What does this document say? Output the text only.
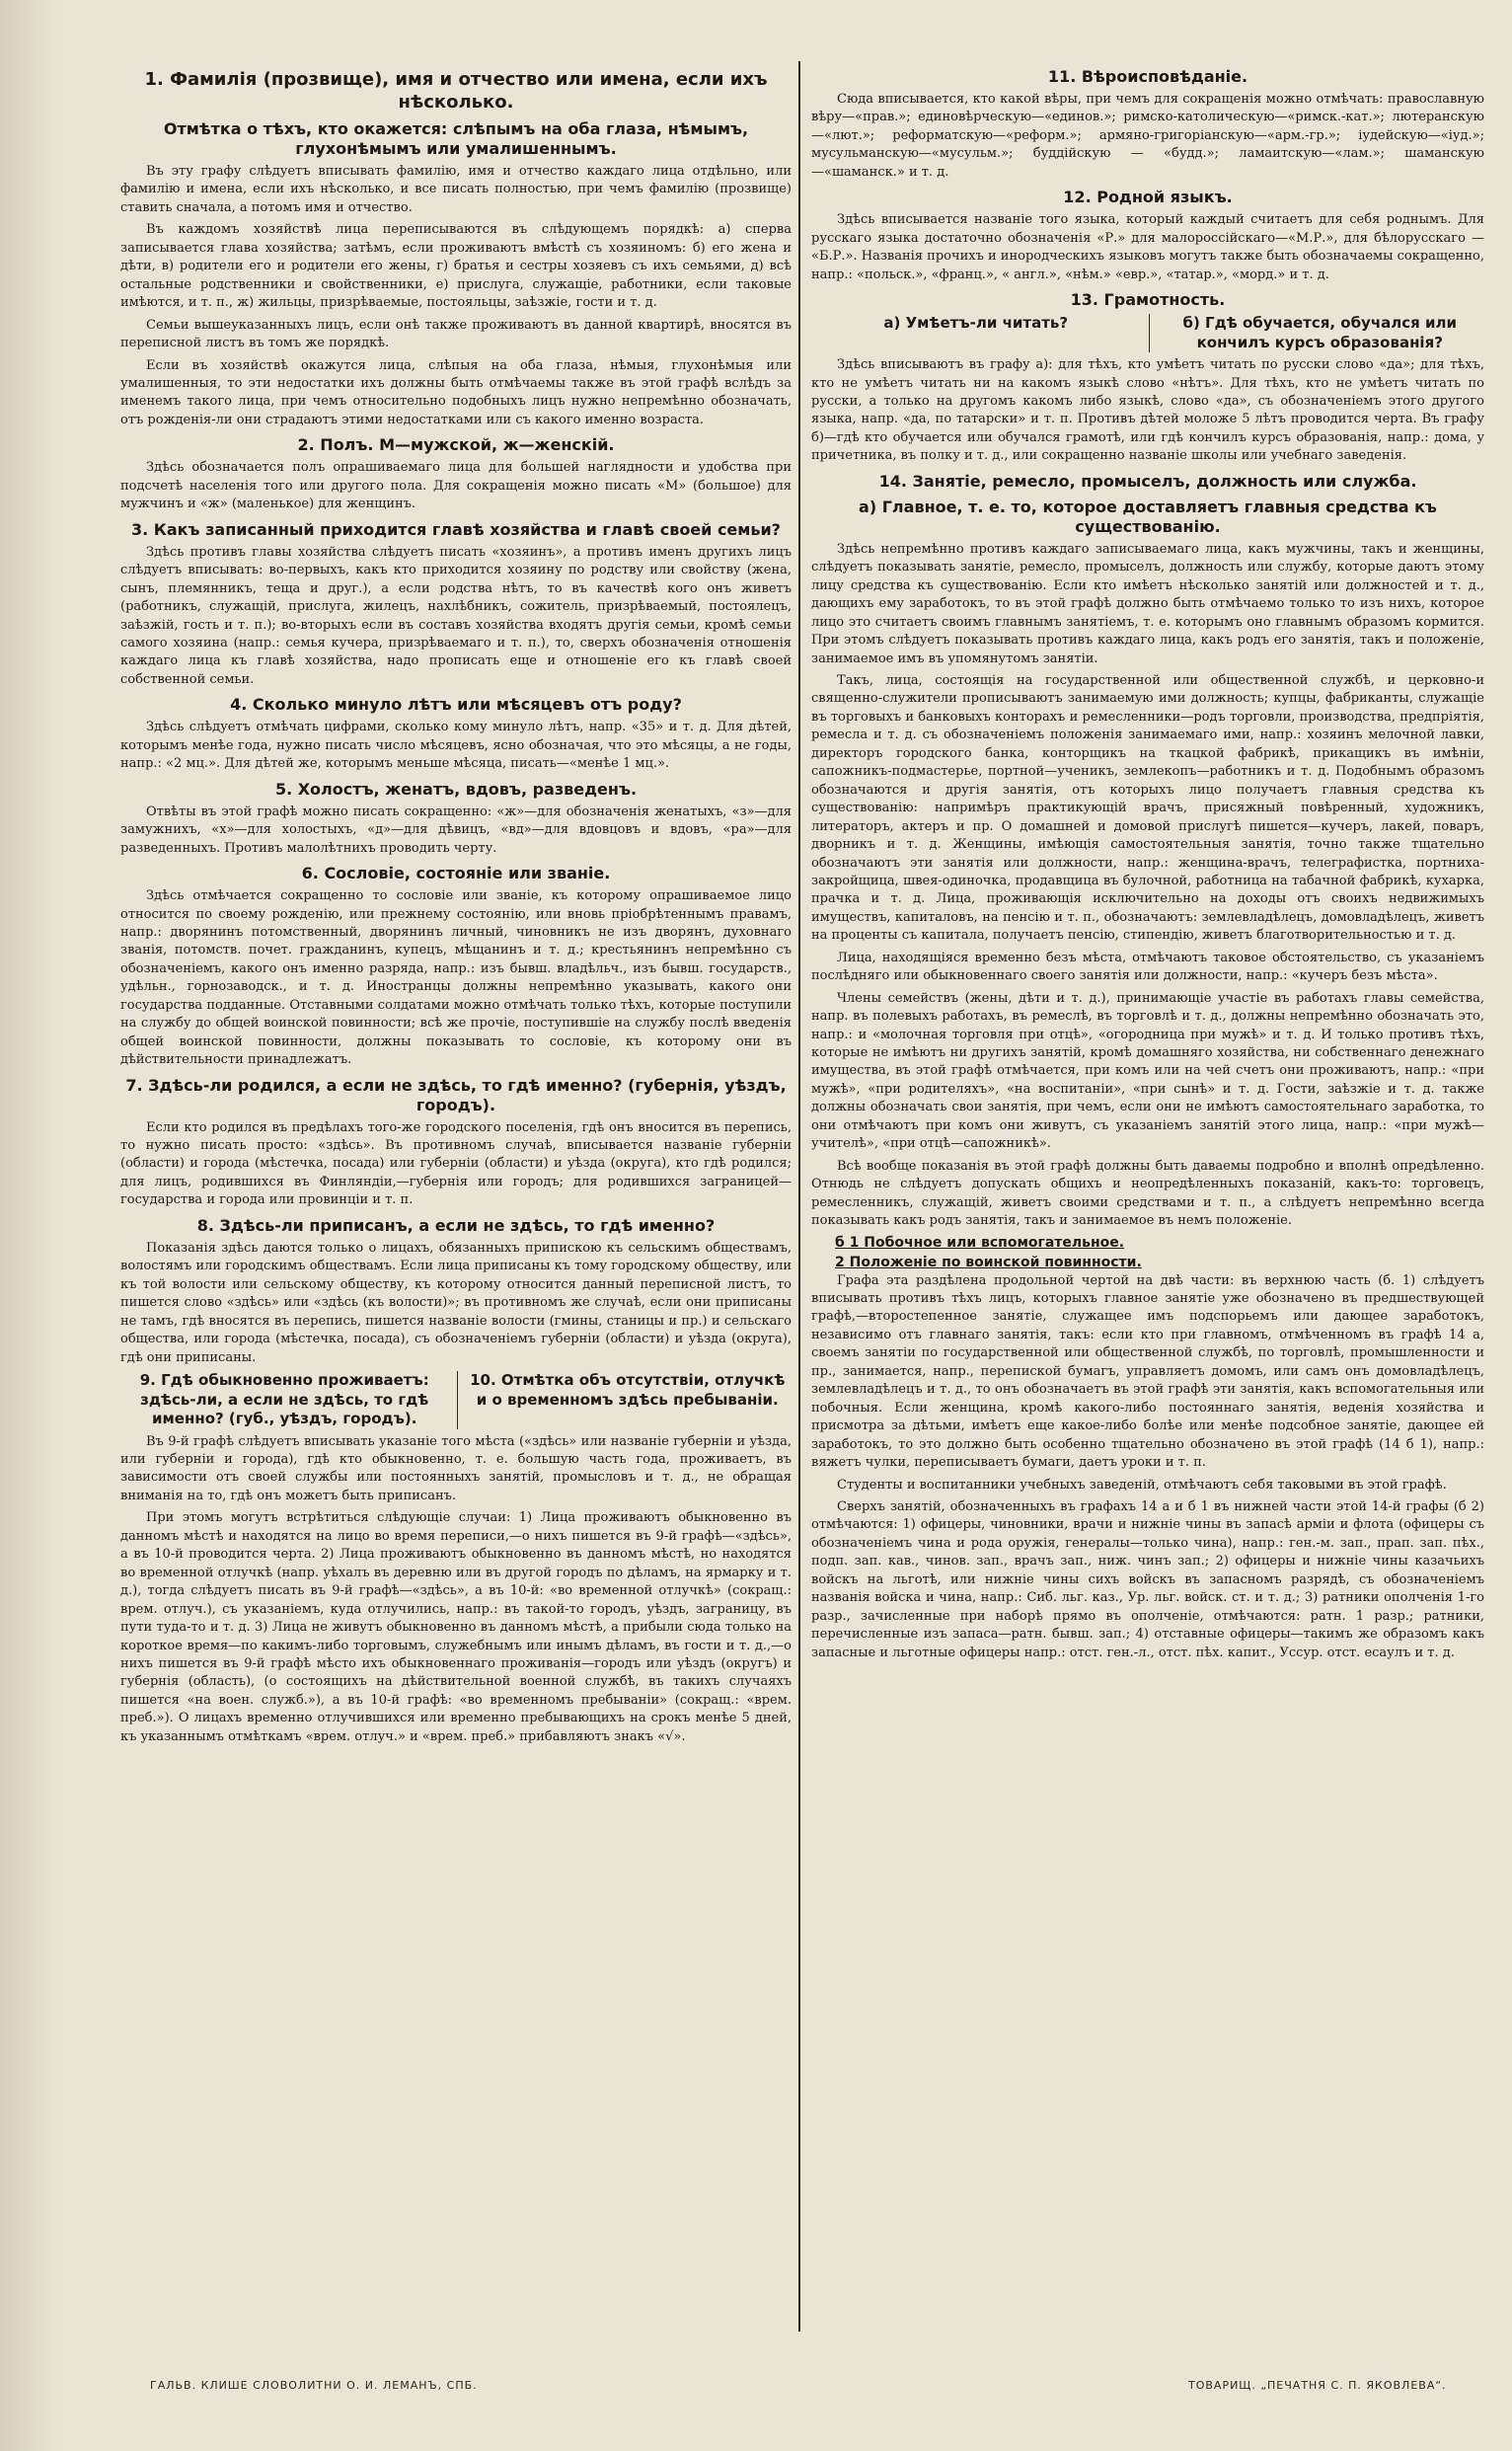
1. Фамилія (прозвище), имя и отчество или имена, если ихъ нѣсколько.
Отмѣтка о тѣхъ, кто окажется: слѣпымъ на оба глаза, нѣмымъ, глухонѣмымъ или умалишеннымъ.

Въ эту графу слѣдуетъ вписывать фамилію, имя и отчество каждаго лица отдѣльно, или фамилію и имена, если ихъ нѣсколько, и все писать полностью, при чемъ фамилію (прозвище) ставить сначала, а потомъ имя и отчество.

Въ каждомъ хозяйствѣ лица переписываются въ слѣдующемъ порядкѣ: а) сперва записывается глава хозяйства; затѣмъ, если проживаютъ вмѣстѣ съ хозяиномъ: б) его жена и дѣти, в) родители его и родители его жены, г) братья и сестры хозяевъ съ ихъ семьями, д) всѣ остальные родственники и свойственники, е) прислуга, служащіе, работники, если таковые имѣются, и т. п., ж) жильцы, призрѣваемые, постояльцы, заѣзжіе, гости и т. д.

Семьи вышеуказанныхъ лицъ, если онѣ также проживаютъ въ данной квартирѣ, вносятся въ переписной листъ въ томъ же порядкѣ.

Если въ хозяйствѣ окажутся лица, слѣпыя на оба глаза, нѣмыя, глухонѣмыя или умалишенныя, то эти недостатки ихъ должны быть отмѣчаемы также въ этой графѣ вслѣдъ за именемъ такого лица, при чемъ относительно подобныхъ лицъ нужно непремѣнно обозначать, отъ рожденія-ли они страдаютъ этими недостатками или съ какого именно возраста.

2. Полъ. М—мужской, ж—женскій.

Здѣсь обозначается полъ опрашиваемаго лица для большей наглядности и удобства при подсчетѣ населенія того или другого пола. Для сокращенія можно писать «М» (большое) для мужчинъ и «ж» (маленькое) для женщинъ.

3. Какъ записанный приходится главѣ хозяйства и главѣ своей семьи?

Здѣсь противъ главы хозяйства слѣдуетъ писать «хозяинъ», а противъ именъ другихъ лицъ слѣдуетъ вписывать: во-первыхъ, какъ кто приходится хозяину по родству или свойству (жена, сынъ, племянникъ, теща и друг.), а если родства нѣтъ, то въ качествѣ кого онъ живетъ (работникъ, служащій, прислуга, жилецъ, нахлѣбникъ, сожитель, призрѣваемый, постоялецъ, заѣзжій, гость и т. п.); во-вторыхъ если въ составъ хозяйства входятъ другія семьи, кромѣ семьи самого хозяина (напр.: семья кучера, призрѣваемаго и т. п.), то, сверхъ обозначенія отношенія каждаго лица къ главѣ хозяйства, надо прописать еще и отношеніе его къ главѣ своей собственной семьи.

4. Сколько минуло лѣтъ или мѣсяцевъ отъ роду?

Здѣсь слѣдуетъ отмѣчать цифрами, сколько кому минуло лѣтъ, напр. «35» и т. д. Для дѣтей, которымъ менѣе года, нужно писать число мѣсяцевъ, ясно обозначая, что это мѣсяцы, а не годы, напр.: «2 мц.». Для дѣтей же, которымъ меньше мѣсяца, писать—«менѣе 1 мц.».

5. Холостъ, женатъ, вдовъ, разведенъ.

Отвѣты въ этой графѣ можно писать сокращенно: «ж»—для обозначенія женатыхъ, «з»—для замужнихъ, «х»—для холостыхъ, «д»—для дѣвицъ, «вд»—для вдовцовъ и вдовъ, «ра»—для разведенныхъ. Противъ малолѣтнихъ проводить черту.

6. Сословіе, состояніе или званіе.

Здѣсь отмѣчается сокращенно то сословіе или званіе, къ которому опрашиваемое лицо относится по своему рожденію, или прежнему состоянію, или вновь пріобрѣтеннымъ правамъ, напр.: дворянинъ потомственный, дворянинъ личный, чиновникъ не изъ дворянъ, духовнаго званія, потомств. почет. гражданинъ, купецъ, мѣщанинъ и т. д.; крестьянинъ непремѣнно съ обозначеніемъ, какого онъ именно разряда, напр.: изъ бывш. владѣльч., изъ бывш. государств., удѣльн., горнозаводск., и т. д. Иностранцы должны непремѣнно указывать, какого они государства подданные. Отставными солдатами можно отмѣчать только тѣхъ, которые поступили на службу до общей воинской повинности; всѣ же прочіе, поступившіе на службу послѣ введенія общей воинской повинности, должны показывать то сословіе, къ которому они въ дѣйствительности принадлежатъ.

7. Здѣсь-ли родился, а если не здѣсь, то гдѣ именно? (губернія, уѣздъ, городъ).

Если кто родился въ предѣлахъ того-же городского поселенія, гдѣ онъ вносится въ перепись, то нужно писать просто: «здѣсь». Въ противномъ случаѣ, вписывается названіе губерніи (области) и города (мѣстечка, посада) или губерніи (области) и уѣзда (округа), кто гдѣ родился; для лицъ, родившихся въ Финляндіи,—губернія или городъ; для родившихся заграницей—государства и города или провинціи и т. п.

8. Здѣсь-ли приписанъ, а если не здѣсь, то гдѣ именно?

Показанія здѣсь даются только о лицахъ, обязанныхъ припискою къ сельскимъ обществамъ, волостямъ или городскимъ обществамъ. Если лица приписаны къ тому городскому обществу, или къ той волости или сельскому обществу, къ которому относится данный переписной листъ, то пишется слово «здѣсь» или «здѣсь (къ волости)»; въ противномъ же случаѣ, если они приписаны не тамъ, гдѣ вносятся въ перепись, пишется названіе волости (гмины, станицы и пр.) и сельскаго общества, или города (мѣстечка, посада), съ обозначеніемъ губерніи (области) и уѣзда (округа), гдѣ они приписаны.

9. Гдѣ обыкновенно проживаетъ: здѣсь-ли, а если не здѣсь, то гдѣ именно? (губ., уѣздъ, городъ).
10. Отмѣтка объ отсутствіи, отлучкѣ и о временномъ здѣсь пребываніи.

Въ 9-й графѣ слѣдуетъ вписывать указаніе того мѣста («здѣсь» или названіе губерніи и уѣзда, или губерніи и города), гдѣ кто обыкновенно, т. е. большую часть года, проживаетъ, въ зависимости отъ своей службы или постоянныхъ занятій, промысловъ и т. д., не обращая вниманія на то, гдѣ онъ можетъ быть приписанъ.

При этомъ могутъ встрѣтиться слѣдующіе случаи: 1) Лица проживаютъ обыкновенно въ данномъ мѣстѣ и находятся на лицо во время переписи,—о нихъ пишется въ 9-й графѣ—«здѣсь», а въ 10-й проводится черта. 2) Лица проживаютъ обыкновенно въ данномъ мѣстѣ, но находятся во временной отлучкѣ (напр. уѣхалъ въ деревню или въ другой городъ по дѣламъ, на ярмарку и т. д.), тогда слѣдуетъ писать въ 9-й графѣ—«здѣсь», а въ 10-й: «во временной отлучкѣ» (сокращ.: врем. отлуч.), съ указаніемъ, куда отлучились, напр.: въ такой-то городъ, уѣздъ, заграницу, въ пути туда-то и т. д. 3) Лица не живутъ обыкновенно въ данномъ мѣстѣ, а прибыли сюда только на короткое время—по какимъ-либо торговымъ, служебнымъ или инымъ дѣламъ, въ гости и т. д.,—о нихъ пишется въ 9-й графѣ мѣсто ихъ обыкновеннаго проживанія—городъ или уѣздъ (округъ) и губернія (область), (о состоящихъ на дѣйствительной военной службѣ, въ такихъ случаяхъ пишется «на воен. служб.»), а въ 10-й графѣ: «во временномъ пребываніи» (сокращ.: «врем. преб.»). О лицахъ временно отлучившихся или временно пребывающихъ на срокъ менѣе 5 дней, къ указаннымъ отмѣткамъ «врем. отлуч.» и «врем. преб.» прибавляютъ знакъ «√».

11. Вѣроисповѣданіе.

Сюда вписывается, кто какой вѣры, при чемъ для сокращенія можно отмѣчать: православную вѣру—«прав.»; единовѣрческую—«единов.»; римско-католическую—«римск.-кат.»; лютеранскую—«лют.»; реформатскую—«реформ.»; армяно-григоріанскую—«арм.-гр.»; іудейскую—«іуд.»; мусульманскую—«мусульм.»; буддійскую — «будд.»; ламаитскую—«лам.»; шаманскую—«шаманск.» и т. д.

12. Родной языкъ.

Здѣсь вписывается названіе того языка, который каждый считаетъ для себя роднымъ. Для русскаго языка достаточно обозначенія «Р.» для малороссійскаго—«М.Р.», для бѣлорусскаго — «Б.Р.». Названія прочихъ и инородческихъ языковъ могутъ также быть обозначаемы сокращенно, напр.: «польск.», «франц.», « англ.», «нѣм.» «евр.», «татар.», «морд.» и т. д.

13. Грамотность.
а) Умѣетъ-ли читать?	б) Гдѣ обучается, обучался или кончилъ курсъ образованія?

Здѣсь вписываютъ въ графу а): для тѣхъ, кто умѣетъ читать по русски слово «да»; для тѣхъ, кто не умѣетъ читать ни на какомъ языкѣ слово «нѣтъ». Для тѣхъ, кто не умѣетъ читать по русски, а только на другомъ какомъ либо языкѣ, слово «да», съ обозначеніемъ этого другого языка, напр. «да, по татарски» и т. п. Противъ дѣтей моложе 5 лѣтъ проводится черта. Въ графу б)—гдѣ кто обучается или обучался грамотѣ, или гдѣ кончилъ курсъ образованія, напр.: дома, у причетника, въ полку и т. д., или сокращенно названіе школы или учебнаго заведенія.

14. Занятіе, ремесло, промыселъ, должность или служба.
а) Главное, т. е. то, которое доставляетъ главныя средства къ существованію.

Здѣсь непремѣнно противъ каждаго записываемаго лица, какъ мужчины, такъ и женщины, слѣдуетъ показывать занятіе, ремесло, промыселъ, должность или службу, которые даютъ этому лицу средства къ существованію. Если кто имѣетъ нѣсколько занятій или должностей и т. д., дающихъ ему заработокъ, то въ этой графѣ должно быть отмѣчаемо только то изъ нихъ, которое лицо это считаетъ своимъ главнымъ занятіемъ, т. е. которымъ оно главнымъ образомъ кормится. При этомъ слѣдуетъ показывать противъ каждаго лица, какъ родъ его занятія, такъ и положеніе, занимаемое имъ въ упомянутомъ занятіи.

Такъ, лица, состоящія на государственной или общественной службѣ, и церковно-и священно-служители прописываютъ занимаемую ими должность; купцы, фабриканты, служащіе въ торговыхъ и банковыхъ конторахъ и ремесленники—родъ торговли, производства, предпріятія, ремесла и т. д. съ обозначеніемъ положенія занимаемаго ими, напр.: хозяинъ мелочной лавки, директоръ городского банка, конторщикъ на ткацкой фабрикѣ, прикащикъ въ имѣніи, сапожникъ-подмастерье, портной—ученикъ, землекопъ—работникъ и т. д. Подобнымъ образомъ обозначаются и другія занятія, отъ которыхъ лицо получаетъ главныя средства къ существованію: напримѣръ практикующій врачъ, присяжный повѣренный, художникъ, литераторъ, актеръ и пр. О домашней и домовой прислугѣ пишется—кучеръ, лакей, поваръ, дворникъ и т. д. Женщины, имѣющія самостоятельныя занятія, точно также тщательно обозначаютъ эти занятія или должности, напр.: женщина-врачъ, телеграфистка, портниха-закройщица, швея-одиночка, продавщица въ булочной, работница на табачной фабрикѣ, кухарка, прачка и т. д. Лица, проживающія исключительно на доходы отъ своихъ недвижимыхъ имуществъ, капиталовъ, на пенсію и т. п., обозначаютъ: землевладѣлецъ, домовладѣлецъ, живетъ на проценты съ капитала, получаетъ пенсію, стипендію, живетъ благотворительностью и т. д.

Лица, находящіяся временно безъ мѣста, отмѣчаютъ таковое обстоятельство, съ указаніемъ послѣдняго или обыкновеннаго своего занятія или должности, напр.: «кучеръ безъ мѣста».

Члены семействъ (жены, дѣти и т. д.), принимающіе участіе въ работахъ главы семейства, напр. въ полевыхъ работахъ, въ ремеслѣ, въ торговлѣ и т. д., должны непремѣнно обозначать это, напр.: и «молочная торговля при отцѣ», «огородница при мужѣ» и т. д. И только противъ тѣхъ, которые не имѣютъ ни другихъ занятій, кромѣ домашняго хозяйства, ни собственнаго денежнаго имущества, въ этой графѣ отмѣчается, при комъ или на чей счетъ они проживаютъ, напр.: «при мужѣ», «при родителяхъ», «на воспитаніи», «при сынѣ» и т. д. Гости, заѣзжіе и т. д. также должны обозначать свои занятія, при чемъ, если они не имѣютъ самостоятельнаго заработка, то они отмѣчаютъ при комъ они живутъ, съ указаніемъ занятій этого лица, напр.: «при мужѣ—учителѣ», «при отцѣ—сапожникѣ».

Всѣ вообще показанія въ этой графѣ должны быть даваемы подробно и вполнѣ опредѣленно. Отнюдь не слѣдуетъ допускать общихъ и неопредѣленныхъ показаній, какъ-то: торговецъ, ремесленникъ, служащій, живетъ своими средствами и т. п., а слѣдуетъ непремѣнно всегда показывать какъ родъ занятія, такъ и занимаемое въ немъ положеніе.

б 1 Побочное или вспомогательное.
2 Положеніе по воинской повинности.

Графа эта раздѣлена продольной чертой на двѣ части: въ верхнюю часть (б. 1) слѣдуетъ вписывать противъ тѣхъ лицъ, которыхъ главное занятіе уже обозначено въ предшествующей графѣ,—второстепенное занятіе, служащее имъ подспорьемъ или дающее заработокъ, независимо отъ главнаго занятія, такъ: если кто при главномъ, отмѣченномъ въ графѣ 14 а, своемъ занятіи по государственной или общественной службѣ, по торговлѣ, промышленности и пр., занимается, напр., перепиской бумагъ, управляетъ домомъ, или самъ онъ домовладѣлецъ, землевладѣлецъ и т. д., то онъ обозначаетъ въ этой графѣ эти занятія, какъ вспомогательныя или побочныя. Если женщина, кромѣ какого-либо постояннаго занятія, веденія хозяйства и присмотра за дѣтьми, имѣетъ еще какое-либо болѣе или менѣе подсобное занятіе, дающее ей заработокъ, то это должно быть особенно тщательно обозначено въ этой графѣ (14 б 1), напр.: вяжетъ чулки, переписываетъ бумаги, даетъ уроки и т. п.

Студенты и воспитанники учебныхъ заведеній, отмѣчаютъ себя таковыми въ этой графѣ.

Сверхъ занятій, обозначенныхъ въ графахъ 14 а и б 1 въ нижней части этой 14-й графы (б 2) отмѣчаются: 1) офицеры, чиновники, врачи и нижніе чины въ запасѣ арміи и флота (офицеры съ обозначеніемъ чина и рода оружія, генералы—только чина), напр.: ген.-м. зап., прап. зап. пѣх., подп. зап. кав., чинов. зап., врачъ зап., ниж. чинъ зап.; 2) офицеры и нижніе чины казачьихъ войскъ на льготѣ, или нижніе чины сихъ войскъ въ запасномъ разрядѣ, съ обозначеніемъ названія войска и чина, напр.: Сиб. льг. каз., Ур. льг. войск. ст. и т. д.; 3) ратники ополченія 1-го разр., зачисленные при наборѣ прямо въ ополченіе, отмѣчаются: ратн. 1 разр.; ратники, перечисленные изъ запаса—ратн. бывш. зап.; 4) отставные офицеры—такимъ же образомъ какъ запасные и льготные офицеры напр.: отст. ген.-л., отст. пѣх. капит., Уссур. отст. есаулъ и т. д.

ГАЛЬВ. КЛИШЕ СЛОВОЛИТНИ О. И. ЛЕМАНЪ, СПБ.	ТОВАРИЩ. „ПЕЧАТНЯ С. П. ЯКОВЛЕВА“.
